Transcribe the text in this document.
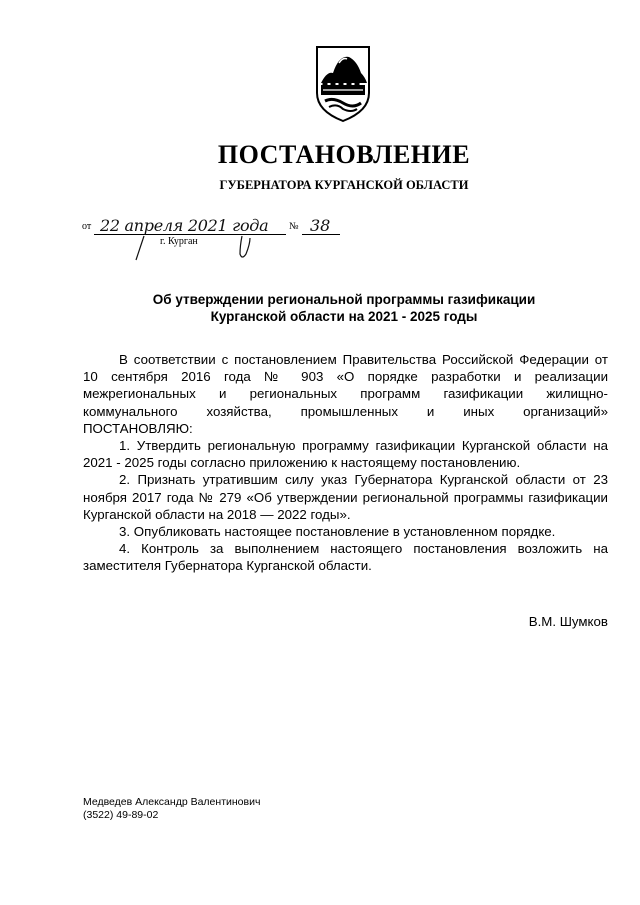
ПОСТАНОВЛЕНИЕ
ГУБЕРНАТОРА КУРГАНСКОЙ ОБЛАСТИ
от 22 апреля 2021 года № 38
г. Курган
Об утверждении региональной программы газификации
Курганской области на 2021 - 2025 годы

В соответствии с постановлением Правительства Российской Федерации от 10 сентября 2016 года № 903 «О порядке разработки и реализации межрегиональных и региональных программ газификации жилищно-

коммунального хозяйства, промышленных и иных организаций»

ПОСТАНОВЛЯЮ:

1. Утвердить региональную программу газификации Курганской области на 2021 - 2025 годы согласно приложению к настоящему постановлению.

2. Признать утратившим силу указ Губернатора Курганской области от 23 ноября 2017 года № 279 «Об утверждении региональной программы газификации Курганской области на 2018 — 2022 годы».

3. Опубликовать настоящее постановление в установленном порядке.

4. Контроль за выполнением настоящего постановления возложить на заместителя Губернатора Курганской области.

В.М. Шумков
Медведев Александр Валентинович
(3522) 49-89-02
